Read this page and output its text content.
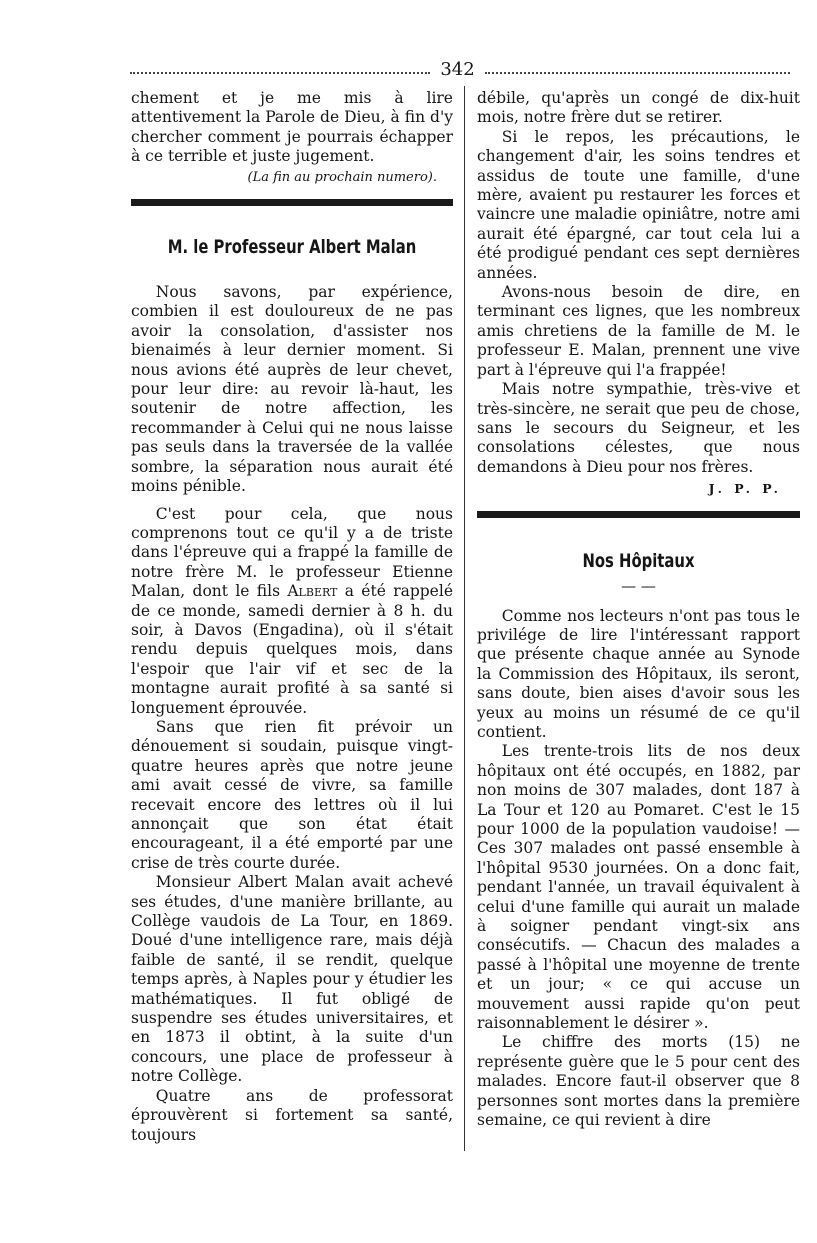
342

chement et je me mis à lire attentivement la Parole de Dieu, à fin d'y chercher comment je pourrais échapper à ce terrible et juste jugement.

(La fin au prochain numero).
M. le Professeur Albert Malan

Nous savons, par expérience, combien il est douloureux de ne pas avoir la consolation, d'assister nos bienaimés à leur dernier moment. Si nous avions été auprès de leur chevet, pour leur dire: au revoir là-haut, les soutenir de notre affection, les recommander à Celui qui ne nous laisse pas seuls dans la traversée de la vallée sombre, la séparation nous aurait été moins pénible.

C'est pour cela, que nous comprenons tout ce qu'il y a de triste dans l'épreuve qui a frappé la famille de notre frère M. le professeur Etienne Malan, dont le fils Albert a été rappelé de ce monde, samedi dernier à 8 h. du soir, à Davos (Engadina), où il s'était rendu depuis quelques mois, dans l'espoir que l'air vif et sec de la montagne aurait profité à sa santé si longuement éprouvée.

Sans que rien fit prévoir un dénouement si soudain, puisque vingt-quatre heures après que notre jeune ami avait cessé de vivre, sa famille recevait encore des lettres où il lui annonçait que son état était encourageant, il a été emporté par une crise de très courte durée.

Monsieur Albert Malan avait achevé ses études, d'une manière brillante, au Collège vaudois de La Tour, en 1869. Doué d'une intelligence rare, mais déjà faible de santé, il se rendit, quelque temps après, à Naples pour y étudier les mathématiques. Il fut obligé de suspendre ses études universitaires, et en 1873 il obtint, à la suite d'un concours, une place de professeur à notre Collège.

Quatre ans de professorat éprouvèrent si fortement sa santé, toujours

débile, qu'après un congé de dix-huit mois, notre frère dut se retirer.

Si le repos, les précautions, le changement d'air, les soins tendres et assidus de toute une famille, d'une mère, avaient pu restaurer les forces et vaincre une maladie opiniâtre, notre ami aurait été épargné, car tout cela lui a été prodigué pendant ces sept dernières années.

Avons-nous besoin de dire, en terminant ces lignes, que les nombreux amis chretiens de la famille de M. le professeur E. Malan, prennent une vive part à l'épreuve qui l'a frappée!

Mais notre sympathie, très-vive et très-sincère, ne serait que peu de chose, sans le secours du Seigneur, et les consolations célestes, que nous demandons à Dieu pour nos frères.

J. P. P.
Nos Hôpitaux
— —

Comme nos lecteurs n'ont pas tous le privilége de lire l'intéressant rapport que présente chaque année au Synode la Commission des Hôpitaux, ils seront, sans doute, bien aises d'avoir sous les yeux au moins un résumé de ce qu'il contient.

Les trente-trois lits de nos deux hôpitaux ont été occupés, en 1882, par non moins de 307 malades, dont 187 à La Tour et 120 au Pomaret. C'est le 15 pour 1000 de la population vaudoise! — Ces 307 malades ont passé ensemble à l'hôpital 9530 journées. On a donc fait, pendant l'année, un travail équivalent à celui d'une famille qui aurait un malade à soigner pendant vingt-six ans consécutifs. — Chacun des malades a passé à l'hôpital une moyenne de trente et un jour; « ce qui accuse un mouvement aussi rapide qu'on peut raisonnablement le désirer ».

Le chiffre des morts (15) ne représente guère que le 5 pour cent des malades. Encore faut-il observer que 8 personnes sont mortes dans la première semaine, ce qui revient à dire
